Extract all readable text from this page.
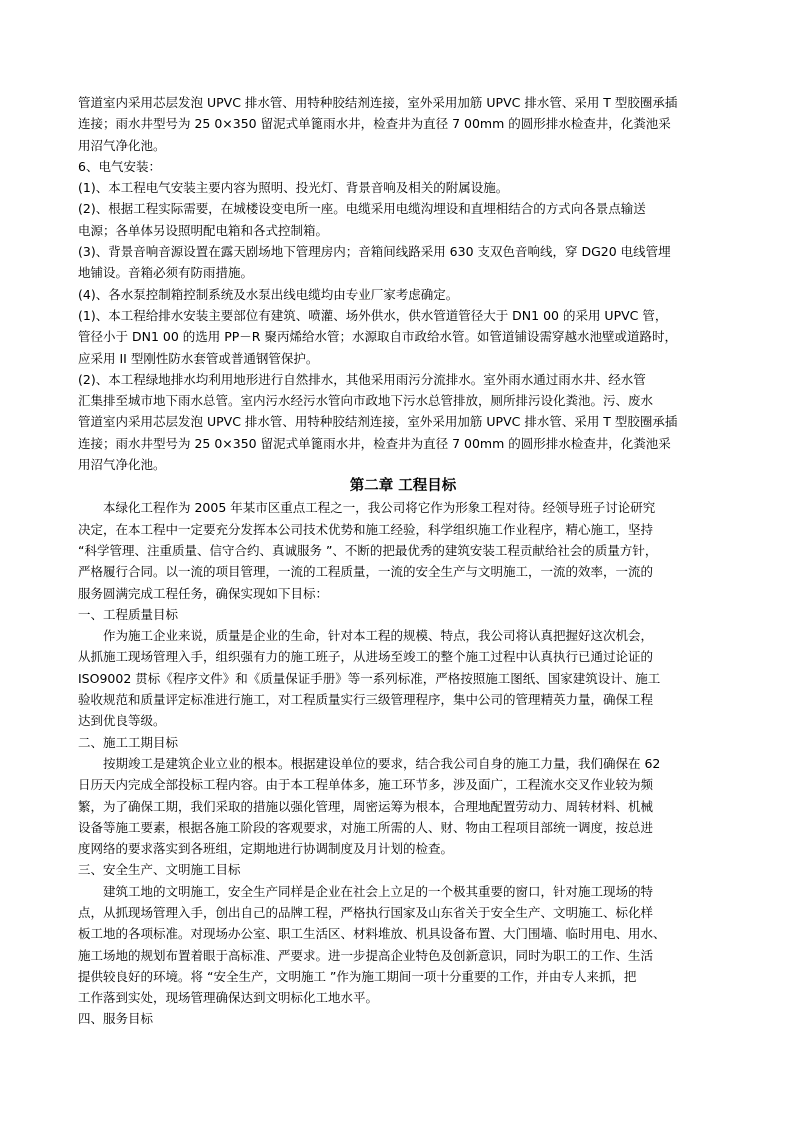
管道室内采用芯层发泡 UPVC 排水管、用特种胶结剂连接，室外采用加筋 UPVC 排水管、采用 T 型胶圈承插
连接；雨水井型号为 25 0×350 留泥式单篦雨水井，检查井为直径 7 00mm 的圆形排水检查井，化粪池采
用沼气净化池。
6、电气安装：
(1)、本工程电气安装主要内容为照明、投光灯、背景音响及相关的附属设施。
(2)、根据工程实际需要，在城楼设变电所一座。电缆采用电缆沟埋设和直埋相结合的方式向各景点输送
电源；各单体另设照明配电箱和各式控制箱。
(3)、背景音响音源设置在露天剧场地下管理房内；音箱间线路采用 630 支双色音响线，穿 DG20 电线管埋
地铺设。音箱必须有防雨措施。
(4)、各水泵控制箱控制系统及水泵出线电缆均由专业厂家考虑确定。
(1)、本工程给排水安装主要部位有建筑、喷灌、场外供水，供水管道管径大于 DN1 00 的采用 UPVC 管，
管径小于 DN1 00 的选用 PP－R 聚丙烯给水管；水源取自市政给水管。如管道铺设需穿越水池壁或道路时，
应采用 II 型刚性防水套管或普通钢管保护。
(2)、本工程绿地排水均利用地形进行自然排水，其他采用雨污分流排水。室外雨水通过雨水井、经水管
汇集排至城市地下雨水总管。室内污水经污水管向市政地下污水总管排放，厕所排污设化粪池。污、废水
管道室内采用芯层发泡 UPVC 排水管、用特种胶结剂连接，室外采用加筋 UPVC 排水管、采用 T 型胶圈承插
连接；雨水井型号为 25 0×350 留泥式单篦雨水井，检查井为直径 7 00mm 的圆形排水检查井，化粪池采
用沼气净化池。
第二章 工程目标
本绿化工程作为 2005 年某市区重点工程之一，我公司将它作为形象工程对待。经领导班子讨论研究
决定，在本工程中一定要充分发挥本公司技术优势和施工经验，科学组织施工作业程序，精心施工，坚持
“科学管理、注重质量、信守合约、真诚服务 ”、不断的把最优秀的建筑安装工程贡献给社会的质量方针，
严格履行合同。以一流的项目管理，一流的工程质量，一流的安全生产与文明施工，一流的效率，一流的
服务圆满完成工程任务，确保实现如下目标：
一、工程质量目标
作为施工企业来说，质量是企业的生命，针对本工程的规模、特点，我公司将认真把握好这次机会，
从抓施工现场管理入手，组织强有力的施工班子，从进场至竣工的整个施工过程中认真执行已通过论证的
ISO9002 贯标《程序文件》和《质量保证手册》等一系列标准，严格按照施工图纸、国家建筑设计、施工
验收规范和质量评定标准进行施工，对工程质量实行三级管理程序，集中公司的管理精英力量，确保工程
达到优良等级。
二、施工工期目标
按期竣工是建筑企业立业的根本。根据建设单位的要求，结合我公司自身的施工力量，我们确保在 62
日历天内完成全部投标工程内容。由于本工程单体多，施工环节多，涉及面广，工程流水交叉作业较为频
繁，为了确保工期，我们采取的措施以强化管理，周密运筹为根本，合理地配置劳动力、周转材料、机械
设备等施工要素，根据各施工阶段的客观要求，对施工所需的人、财、物由工程项目部统一调度，按总进
度网络的要求落实到各班组，定期地进行协调制度及月计划的检查。
三、安全生产、文明施工目标
建筑工地的文明施工，安全生产同样是企业在社会上立足的一个极其重要的窗口，针对施工现场的特
点，从抓现场管理入手，创出自己的品牌工程，严格执行国家及山东省关于安全生产、文明施工、标化样
板工地的各项标准。对现场办公室、职工生活区、材料堆放、机具设备布置、大门围墙、临时用电、用水、
施工场地的规划布置着眼于高标准、严要求。进一步提高企业特色及创新意识，同时为职工的工作、生活
提供较良好的环境。将 “安全生产，文明施工 ”作为施工期间一项十分重要的工作，并由专人来抓，把
工作落到实处，现场管理确保达到文明标化工地水平。
四、服务目标
